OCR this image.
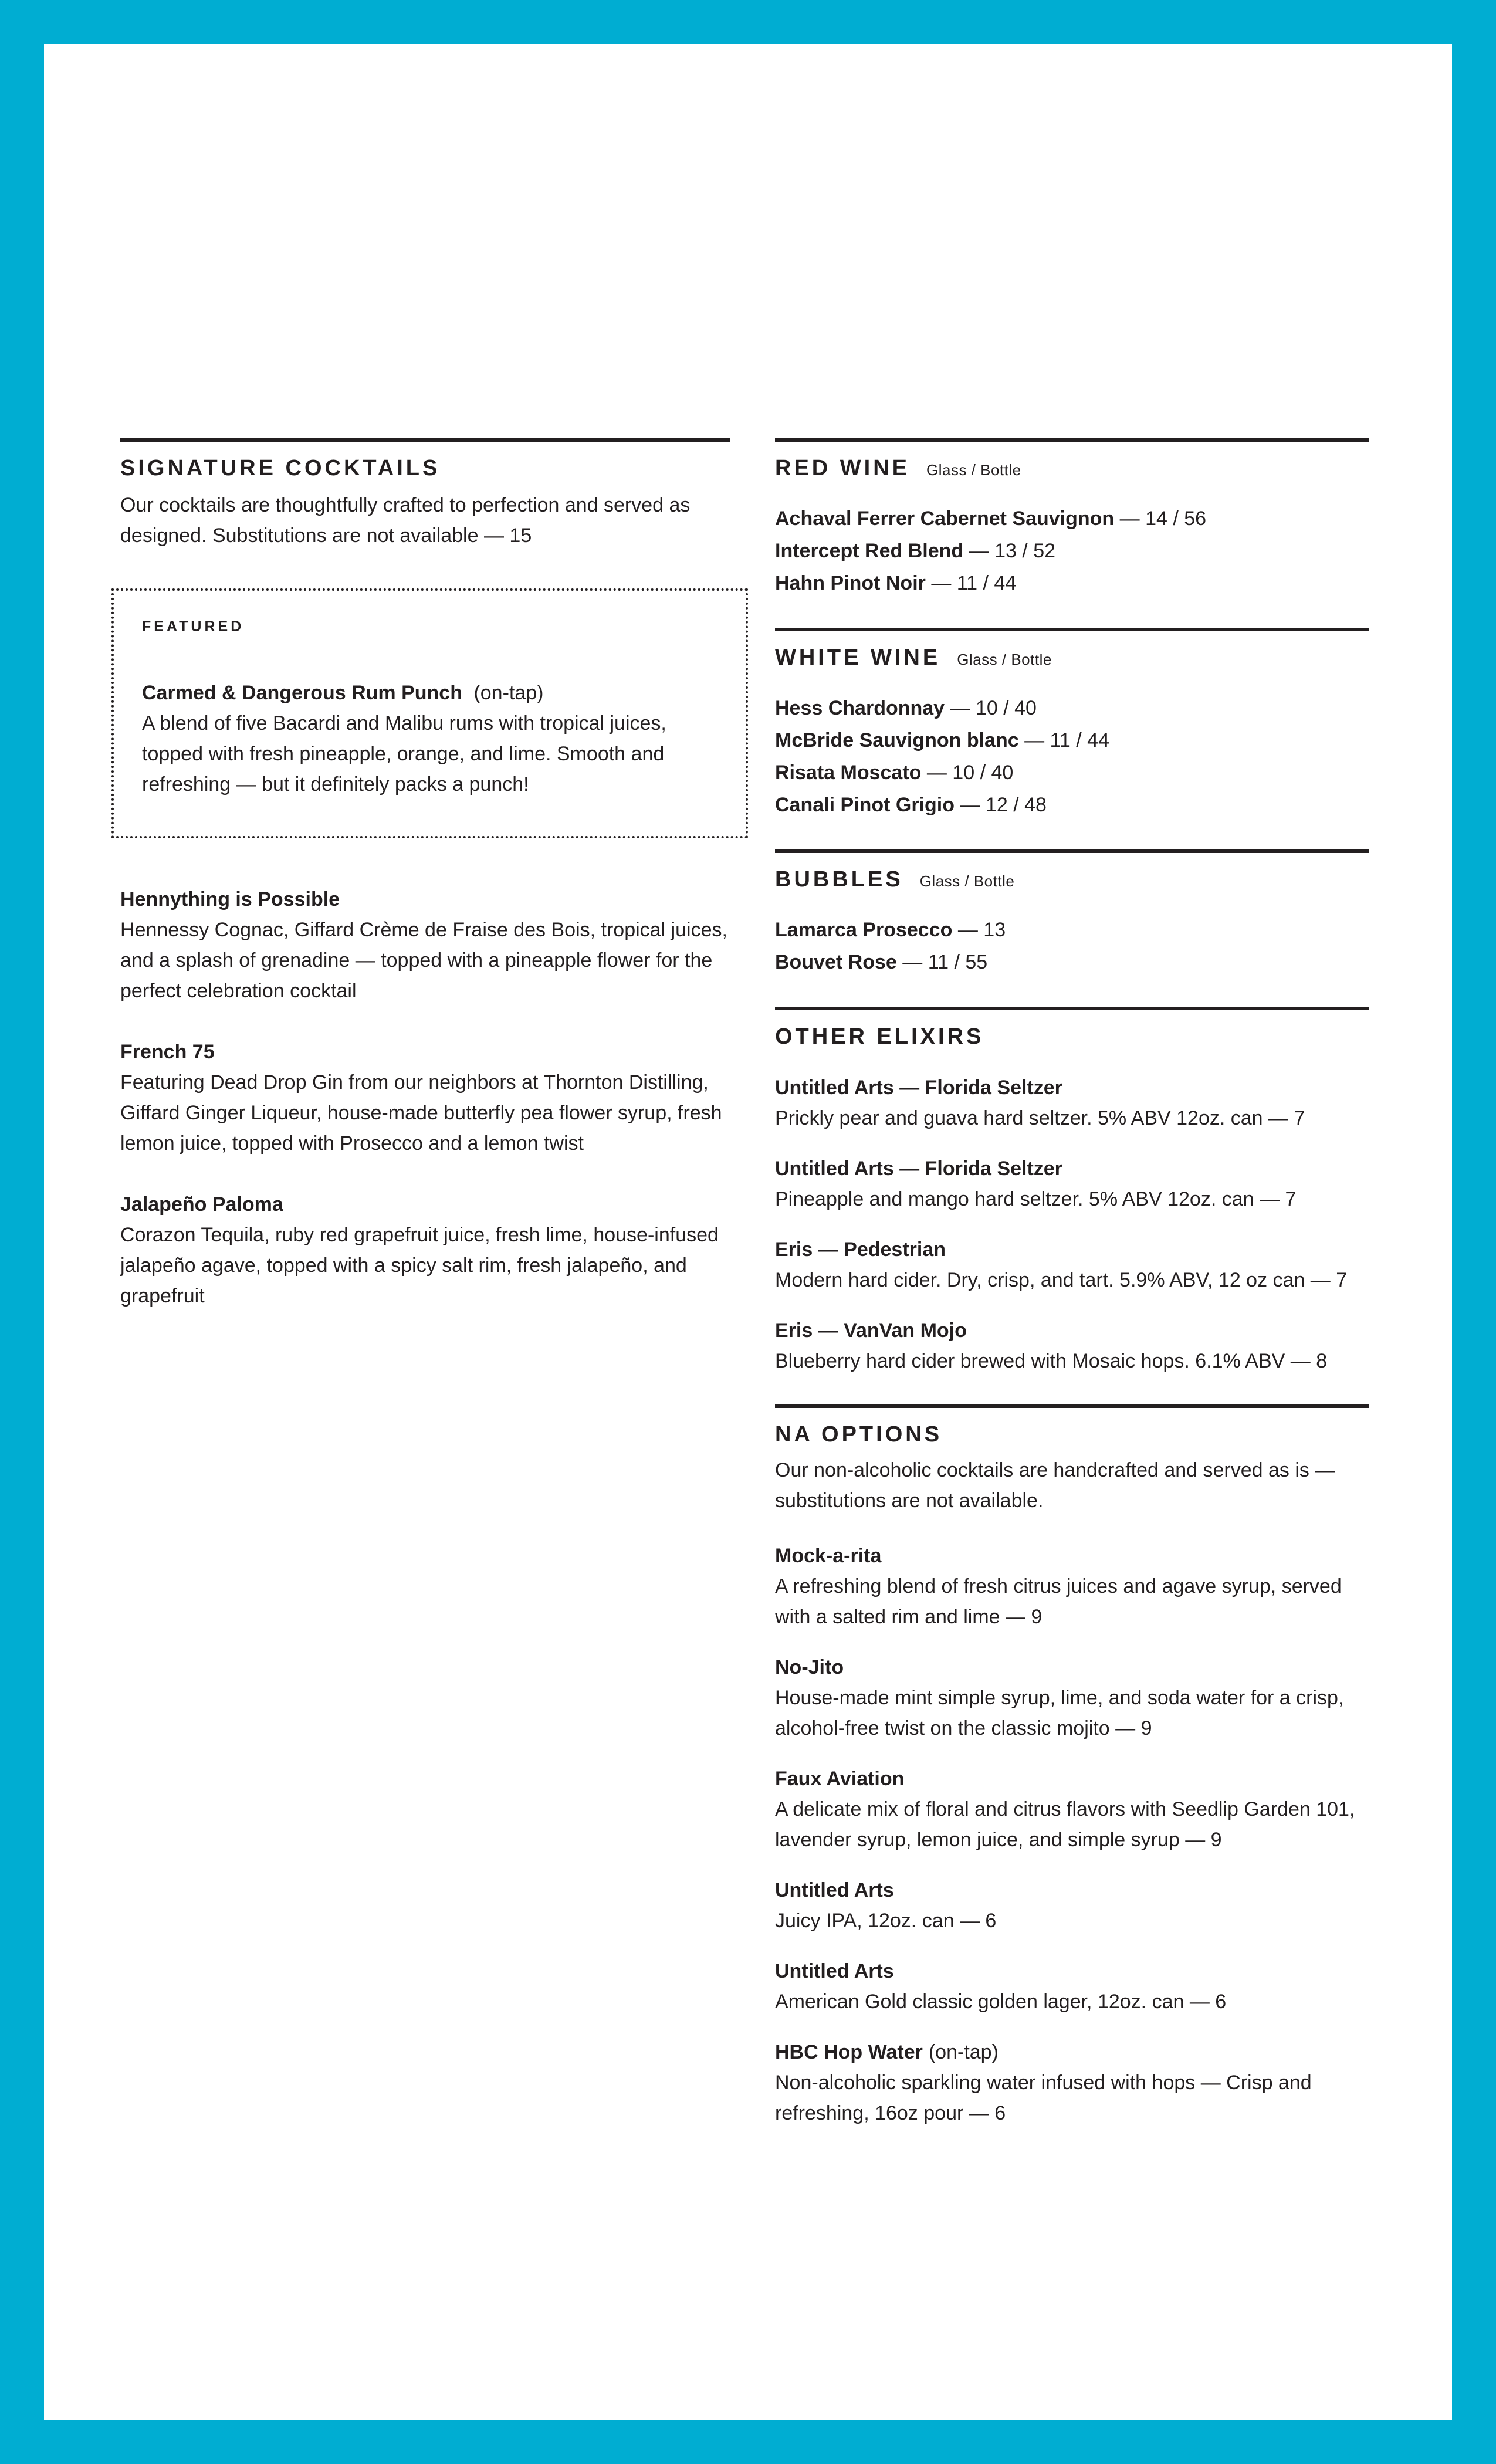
SIGNATURE COCKTAILS

Our cocktails are thoughtfully crafted to perfection and served as designed. Substitutions are not available — 15

FEATURED
Carmed & Dangerous Rum Punch (on-tap)

A blend of five Bacardi and Malibu rums with tropical juices, topped with fresh pineapple, orange, and lime. Smooth and refreshing — but it definitely packs a punch!

Hennything is Possible

Hennessy Cognac, Giffard Crème de Fraise des Bois, tropical juices, and a splash of grenadine — topped with a pineapple flower for the perfect celebration cocktail

French 75

Featuring Dead Drop Gin from our neighbors at Thornton Distilling, Giffard Ginger Liqueur, house-made butterfly pea flower syrup, fresh lemon juice, topped with Prosecco and a lemon twist

Jalapeño Paloma

Corazon Tequila, ruby red grapefruit juice, fresh lime, house-infused jalapeño agave, topped with a spicy salt rim, fresh jalapeño, and grapefruit

RED WINE Glass / Bottle
Achaval Ferrer Cabernet Sauvignon — 14 / 56
Intercept Red Blend — 13 / 52
Hahn Pinot Noir — 11 / 44
WHITE WINE Glass / Bottle
Hess Chardonnay — 10 / 40
McBride Sauvignon blanc — 11 / 44
Risata Moscato — 10 / 40
Canali Pinot Grigio — 12 / 48
BUBBLES Glass / Bottle
Lamarca Prosecco — 13
Bouvet Rose — 11 / 55
OTHER ELIXIRS
Untitled Arts — Florida Seltzer

Prickly pear and guava hard seltzer. 5% ABV 12oz. can — 7

Untitled Arts — Florida Seltzer

Pineapple and mango hard seltzer. 5% ABV 12oz. can — 7

Eris — Pedestrian

Modern hard cider. Dry, crisp, and tart. 5.9% ABV, 12 oz can — 7

Eris — VanVan Mojo

Blueberry hard cider brewed with Mosaic hops. 6.1% ABV — 8

NA OPTIONS

Our non-alcoholic cocktails are handcrafted and served as is — substitutions are not available.

Mock-a-rita

A refreshing blend of fresh citrus juices and agave syrup, served with a salted rim and lime — 9

No-Jito

House-made mint simple syrup, lime, and soda water for a crisp, alcohol-free twist on the classic mojito — 9

Faux Aviation

A delicate mix of floral and citrus flavors with Seedlip Garden 101, lavender syrup, lemon juice, and simple syrup — 9

Untitled Arts

Juicy IPA, 12oz. can — 6

Untitled Arts

American Gold classic golden lager, 12oz. can — 6

HBC Hop Water (on-tap)

Non-alcoholic sparkling water infused with hops — Crisp and refreshing, 16oz pour — 6
